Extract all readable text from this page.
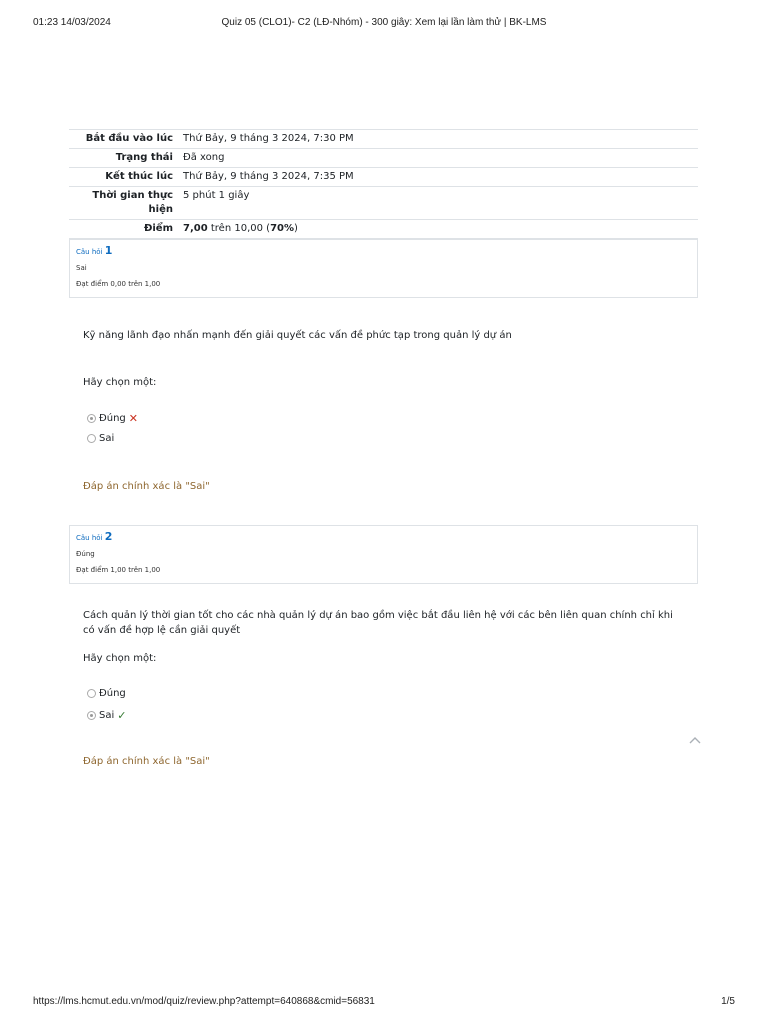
01:23 14/03/2024	Quiz 05 (CLO1)- C2 (LĐ-Nhóm) - 300 giây: Xem lại lần làm thử | BK-LMS
Bắt đầu vào lúc	Thứ Bảy, 9 tháng 3 2024, 7:30 PM
Trạng thái	Đã xong
Kết thúc lúc	Thứ Bảy, 9 tháng 3 2024, 7:35 PM
Thời gian thực hiện	5 phút 1 giây
Điểm	7,00 trên 10,00 (70%)
Câu hỏi 1
Sai
Đạt điểm 0,00 trên 1,00
Kỹ năng lãnh đạo nhấn mạnh đến giải quyết các vấn đề phức tạp trong quản lý dự án
Hãy chọn một:
Đúng ✕
Sai
Đáp án chính xác là "Sai"
Câu hỏi 2
Đúng
Đạt điểm 1,00 trên 1,00
Cách quản lý thời gian tốt cho các nhà quản lý dự án bao gồm việc bắt đầu liên hệ với các bên liên quan chính chỉ khi có vấn đề hợp lệ cần giải quyết
Hãy chọn một:
Đúng
Sai ✓
Đáp án chính xác là "Sai"
https://lms.hcmut.edu.vn/mod/quiz/review.php?attempt=640868&cmid=56831	1/5
